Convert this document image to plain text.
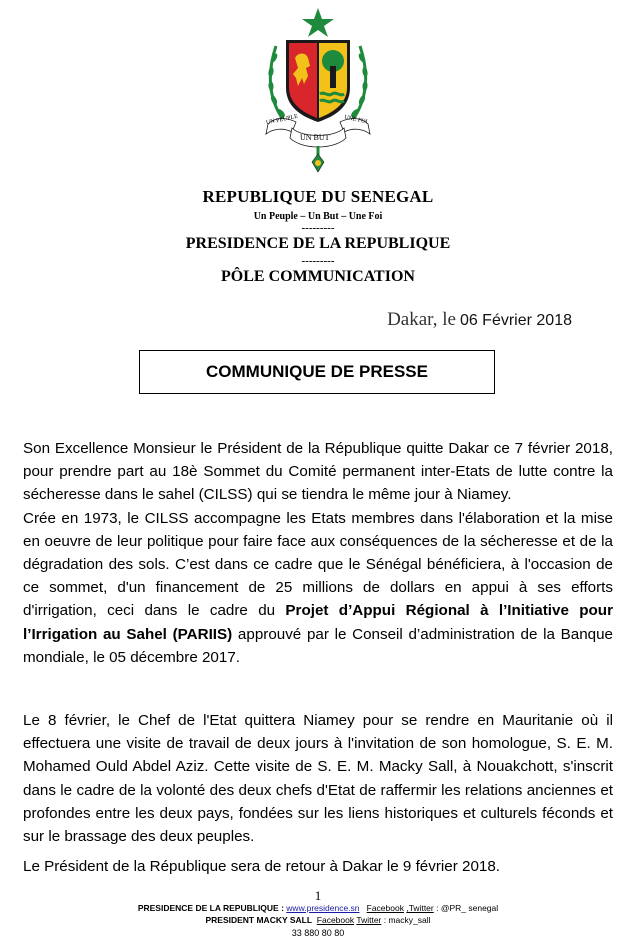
UN PEUPLE	UNE FOI
UN BUT
REPUBLIQUE DU SENEGAL
Un Peuple – Un But – Une Foi
---------
PRESIDENCE DE LA REPUBLIQUE
---------
PÔLE COMMUNICATION
Dakar, le 06 Février 2018
COMMUNIQUE DE PRESSE

Son Excellence Monsieur le Président de la République quitte Dakar ce 7 février 2018, pour prendre part au 18è Sommet du Comité permanent inter-Etats de lutte contre la sécheresse dans le sahel (CILSS) qui se tiendra le même jour à Niamey.

Crée en 1973, le CILSS accompagne les Etats membres dans l'élaboration et la mise en oeuvre de leur politique pour faire face aux conséquences de la sécheresse et de la dégradation des sols. C’est dans ce cadre que le Sénégal bénéficiera, à l'occasion de ce sommet, d'un financement de 25 millions de dollars en appui à ses efforts d'irrigation, ceci dans le cadre du Projet d’Appui Régional à l’Initiative pour l’Irrigation au Sahel (PARIIS) approuvé par le Conseil d’administration de la Banque mondiale, le 05 décembre 2017.

Le 8 février, le Chef de l'Etat quittera Niamey pour se rendre en Mauritanie où il effectuera une visite de travail de deux jours à l'invitation de son homologue, S. E. M. Mohamed Ould Abdel Aziz. Cette visite de S. E. M. Macky Sall, à Nouakchott, s'inscrit dans le cadre de la volonté des deux chefs d'Etat de raffermir les relations anciennes et profondes entre les deux pays, fondées sur les liens historiques et culturels féconds et sur le brassage des deux peuples.

Le Président de la République sera de retour à Dakar le 9 février 2018.

1
PRESIDENCE DE LA REPUBLIQUE : www.presidence.sn Facebook ,Twitter : @PR_ senegal
PRESIDENT MACKY SALL Facebook Twitter : macky_sall
33 880 80 80
